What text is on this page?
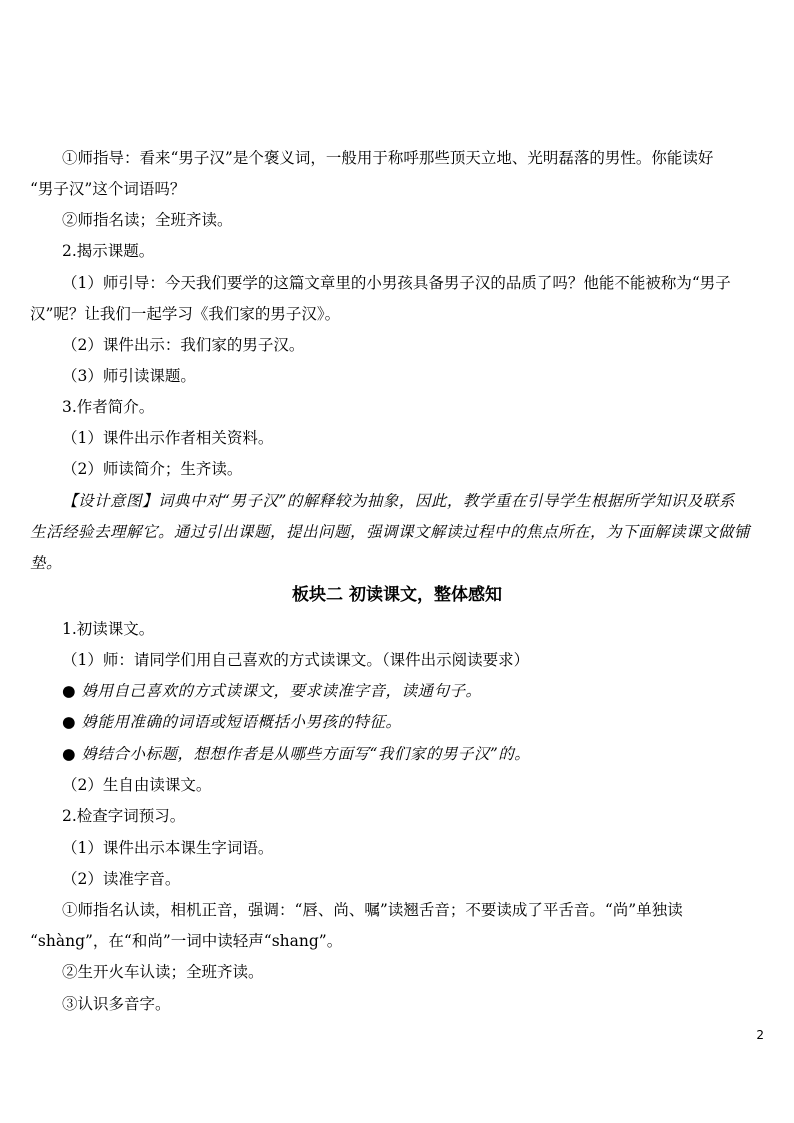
①师指导：看来“男子汉”是个褒义词，一般用于称呼那些顶天立地、光明磊落的男性。你能读好
“男子汉”这个词语吗？
②师指名读；全班齐读。
2.揭示课题。
（1）师引导：今天我们要学的这篇文章里的小男孩具备男子汉的品质了吗？他能不能被称为“男子
汉”呢？让我们一起学习《我们家的男子汉》。
（2）课件出示：我们家的男子汉。
（3）师引读课题。
3.作者简介。
（1）课件出示作者相关资料。
（2）师读简介；生齐读。
【设计意图】词典中对“男子汉”的解释较为抽象，因此，教学重在引导学生根据所学知识及联系
生活经验去理解它。通过引出课题，提出问题，强调课文解读过程中的焦点所在，为下面解读课文做铺
垫。
板块二 初读课文，整体感知
1.初读课文。
（1）师：请同学们用自己喜欢的方式读课文。（课件出示阅读要求）
● 㛛用自己喜欢的方式读课文，要求读准字音，读通句子。
● 㛛能用准确的词语或短语概括小男孩的特征。
● 㛛结合小标题，想想作者是从哪些方面写“我们家的男子汉”的。
（2）生自由读课文。
2.检查字词预习。
（1）课件出示本课生字词语。
（2）读准字音。
①师指名认读，相机正音，强调：“唇、尚、嘱”读翘舌音；不要读成了平舌音。“尚”单独读
“shàng”，在“和尚”一词中读轻声“shang”。
②生开火车认读；全班齐读。
③认识多音字。
2
